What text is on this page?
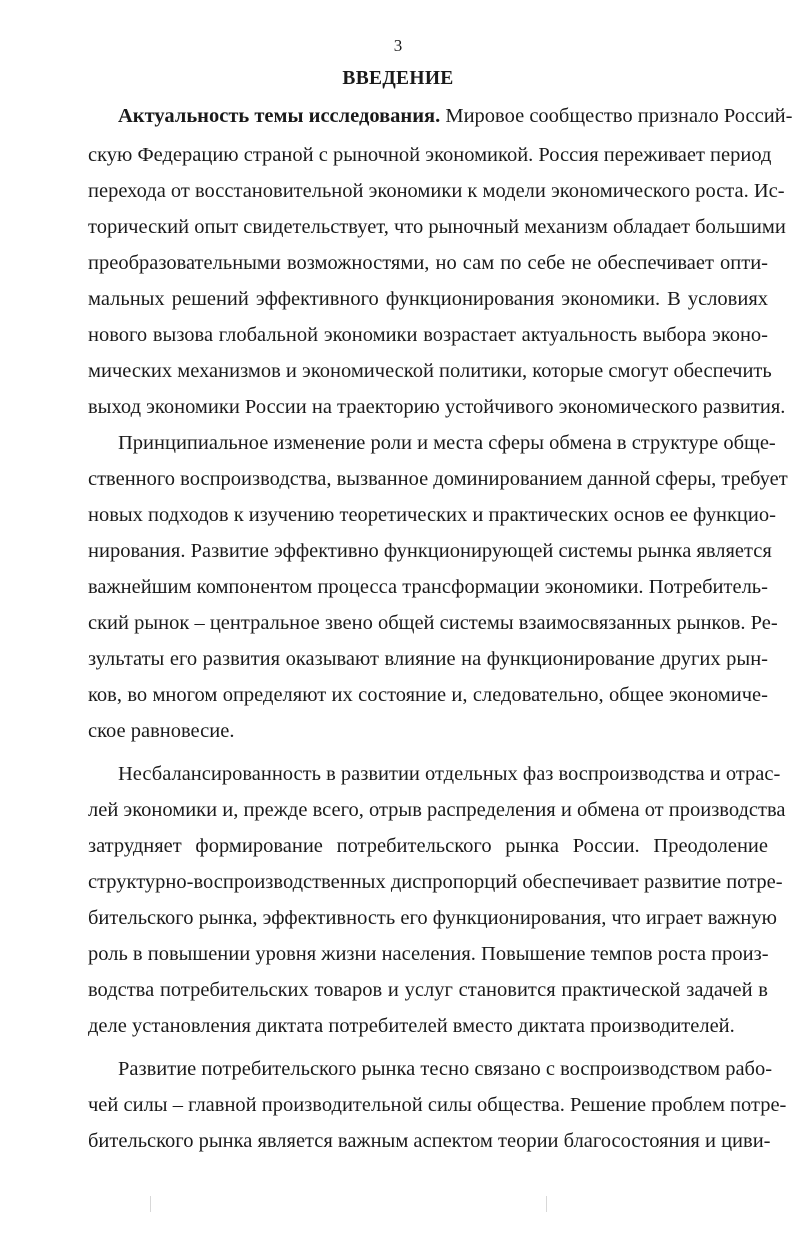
3
ВВЕДЕНИЕ
Актуальность темы исследования. Мировое сообщество признало Россий-
скую Федерацию страной с рыночной экономикой. Россия переживает период
перехода от восстановительной экономики к модели экономического роста. Ис-
торический опыт свидетельствует, что рыночный механизм обладает большими
преобразовательными возможностями, но сам по себе не обеспечивает опти-
мальных решений эффективного функционирования экономики. В условиях
нового вызова глобальной экономики возрастает актуальность выбора эконо-
мических механизмов и экономической политики, которые смогут обеспечить
выход экономики России на траекторию устойчивого экономического развития.
Принципиальное изменение роли и места сферы обмена в структуре обще-
ственного воспроизводства, вызванное доминированием данной сферы, требует
новых подходов к изучению теоретических и практических основ ее функцио-
нирования. Развитие эффективно функционирующей системы рынка является
важнейшим компонентом процесса трансформации экономики. Потребитель-
ский рынок – центральное звено общей системы взаимосвязанных рынков. Ре-
зультаты его развития оказывают влияние на функционирование других рын-
ков, во многом определяют их состояние и, следовательно, общее экономиче-
ское равновесие.
Несбалансированность в развитии отдельных фаз воспроизводства и отрас-
лей экономики и, прежде всего, отрыв распределения и обмена от производства
затрудняет формирование потребительского рынка России. Преодоление
структурно-воспроизводственных диспропорций обеспечивает развитие потре-
бительского рынка, эффективность его функционирования, что играет важную
роль в повышении уровня жизни населения. Повышение темпов роста произ-
водства потребительских товаров и услуг становится практической задачей в
деле установления диктата потребителей вместо диктата производителей.
Развитие потребительского рынка тесно связано с воспроизводством рабо-
чей силы – главной производительной силы общества. Решение проблем потре-
бительского рынка является важным аспектом теории благосостояния и циви-
